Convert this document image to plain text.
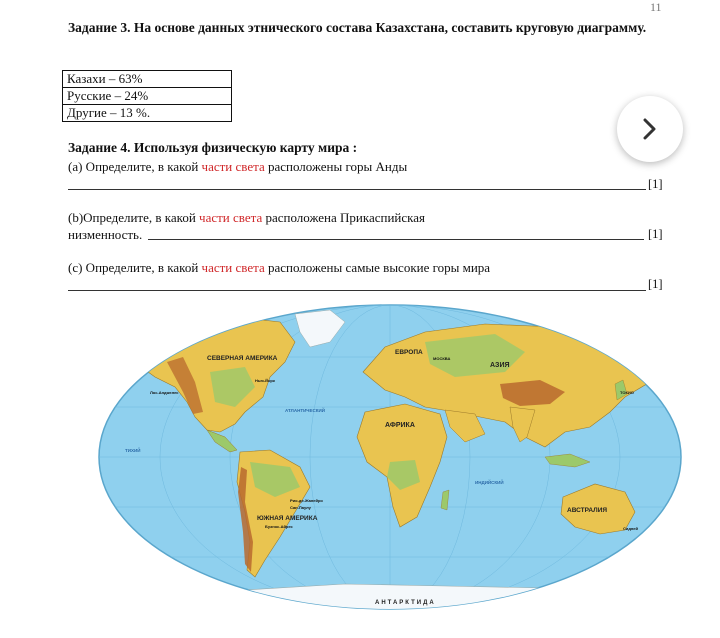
11
Задание 3. На основе данных этнического состава Казахстана, составить круговую диаграмму.
Казахи – 63%
Русские – 24%
Другие – 13 %.
Задание 4. Используя физическую карту мира :
(a) Определите, в какой части света расположены горы Анды
[1]
(b)Определите, в какой части света расположена Прикаспийская
низменность.	[1]
(c) Определите, в какой части света расположены самые высокие горы мира
[1]
СЕВЕРНАЯ АМЕРИКА
ЮЖНАЯ АМЕРИКА
АФРИКА
ЕВРОПА
АЗИЯ
АВСТРАЛИЯ
АНТАРКТИДА
АТЛАНТИЧЕСКИЙ
ИНДИЙСКИЙ
ТИХИЙ
Нью-Йорк
Лос-Анджелес
МОСКВА
ТОКИО
Рио-де-Жанейро
Сан-Паулу
Буэнос-Айрес	Сидней
